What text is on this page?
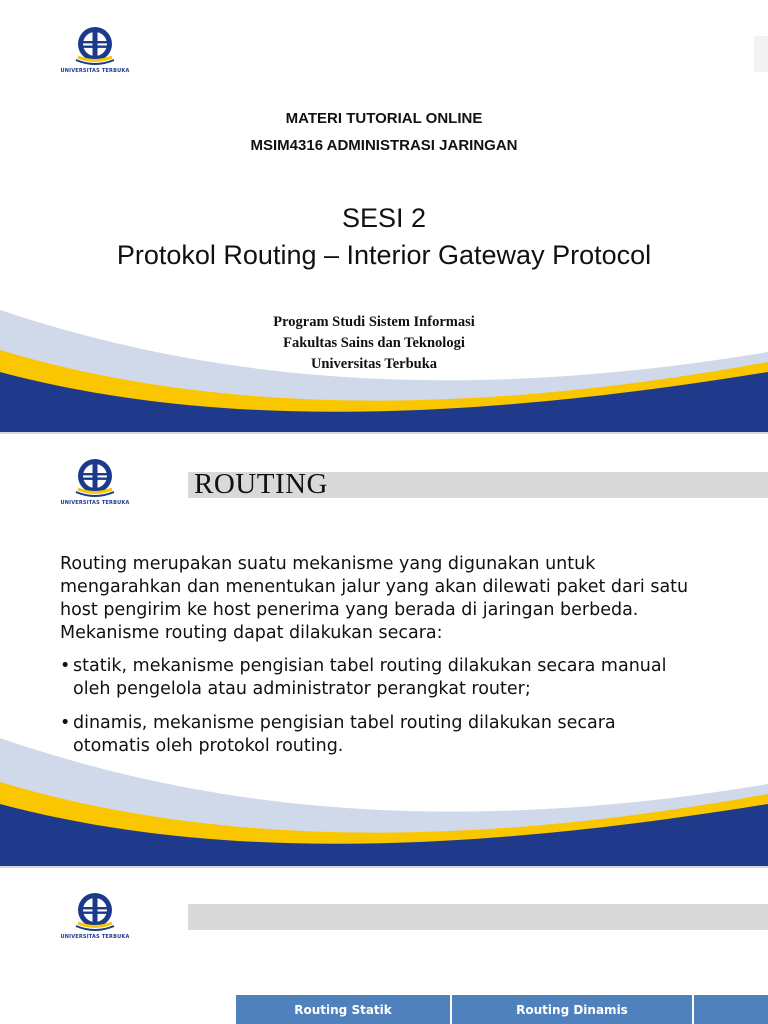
UNIVERSITAS TERBUKA
MATERI TUTORIAL ONLINE
MSIM4316 ADMINISTRASI JARINGAN
SESI 2
Protokol Routing – Interior Gateway Protocol
Program Studi Sistem Informasi
Fakultas Sains dan Teknologi
Universitas Terbuka
UNIVERSITAS TERBUKA
ROUTING
Routing merupakan suatu mekanisme yang digunakan untuk
mengarahkan dan menentukan jalur yang akan dilewati paket dari satu
host pengirim ke host penerima yang berada di jaringan berbeda.
Mekanisme routing dapat dilakukan secara:
• statik, mekanisme pengisian tabel routing dilakukan secara manual
oleh pengelola atau administrator perangkat router;
• dinamis, mekanisme pengisian tabel routing dilakukan secara
otomatis oleh protokol routing.
UNIVERSITAS TERBUKA
Routing Statik	Routing Dinamis
